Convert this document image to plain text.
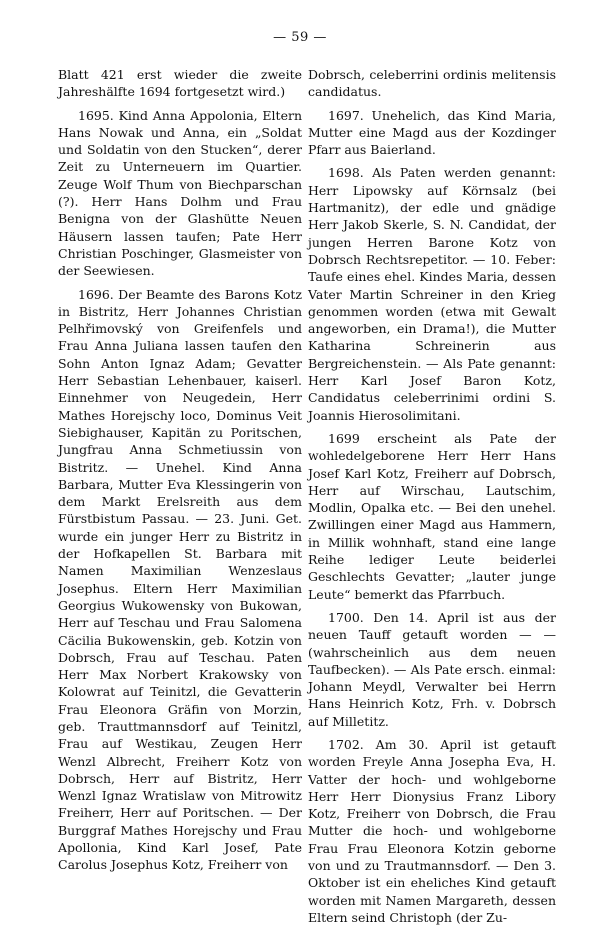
— 59 —

Blatt 421 erst wieder die zweite Jahreshälfte 1694 fortgesetzt wird.)

1695. Kind Anna Appolonia, Eltern Hans Nowak und Anna, ein „Soldat und Soldatin von den Stucken“, derer Zeit zu Unterneuern im Quartier. Zeuge Wolf Thum von Biechparschan (?). Herr Hans Dolhm und Frau Benigna von der Glashütte Neuen Häusern lassen taufen; Pate Herr Christian Poschinger, Glasmeister von der Seewiesen.

1696. Der Beamte des Barons Kotz in Bistritz, Herr Johannes Christian Pelhřimovský von Greifenfels und Frau Anna Juliana lassen taufen den Sohn Anton Ignaz Adam; Gevatter Herr Sebastian Lehenbauer, kaiserl. Einnehmer von Neugedein, Herr Mathes Horejschy loco, Dominus Veit Siebighauser, Kapitän zu Poritschen, Jungfrau Anna Schmetiussin von Bistritz. — Unehel. Kind Anna Barbara, Mutter Eva Klessingerin von dem Markt Erelsreith aus dem Fürstbistum Passau. — 23. Juni. Get. wurde ein junger Herr zu Bistritz in der Hofkapellen St. Barbara mit Namen Maximilian Wenzeslaus Josephus. Eltern Herr Maximilian Georgius Wukowensky von Bukowan, Herr auf Teschau und Frau Salomena Cäcilia Bukowenskin, geb. Kotzin von Dobrsch, Frau auf Teschau. Paten Herr Max Norbert Krakowsky von Kolowrat auf Teinitzl, die Gevatterin Frau Eleonora Gräfin von Morzin, geb. Trauttmannsdorf auf Teinitzl, Frau auf Westikau, Zeugen Herr Wenzl Albrecht, Freiherr Kotz von Dobrsch, Herr auf Bistritz, Herr Wenzl Ignaz Wratislaw von Mitrowitz Freiherr, Herr auf Poritschen. — Der Burggraf Mathes Horejschy und Frau Apollonia, Kind Karl Josef, Pate Carolus Josephus Kotz, Freiherr von

Dobrsch, celeberrini ordinis melitensis candidatus.

1697. Unehelich, das Kind Maria, Mutter eine Magd aus der Kozdinger Pfarr aus Baierland.

1698. Als Paten werden genannt: Herr Lipowsky auf Körnsalz (bei Hartmanitz), der edle und gnädige Herr Jakob Skerle, S. N. Candidat, der jungen Herren Barone Kotz von Dobrsch Rechtsrepetitor. — 10. Feber: Taufe eines ehel. Kindes Maria, dessen Vater Martin Schreiner in den Krieg genommen worden (etwa mit Gewalt angeworben, ein Drama!), die Mutter Katharina Schreinerin aus Bergreichenstein. — Als Pate genannt: Herr Karl Josef Baron Kotz, Candidatus celeberrinimi ordini S. Joannis Hierosolimitani.

1699 erscheint als Pate der wohledelgeborene Herr Herr Hans Josef Karl Kotz, Freiherr auf Dobrsch, Herr auf Wirschau, Lautschim, Modlin, Opalka etc. — Bei den unehel. Zwillingen einer Magd aus Hammern, in Millik wohnhaft, stand eine lange Reihe lediger Leute beiderlei Geschlechts Gevatter; „lauter junge Leute“ bemerkt das Pfarrbuch.

1700. Den 14. April ist aus der neuen Tauff getauft worden — — (wahrscheinlich aus dem neuen Taufbecken). — Als Pate ersch. einmal: Johann Meydl, Verwalter bei Herrn Hans Heinrich Kotz, Frh. v. Dobrsch auf Milletitz.

1702. Am 30. April ist getauft worden Freyle Anna Josepha Eva, H. Vatter der hoch- und wohlgeborne Herr Herr Dionysius Franz Libory Kotz, Freiherr von Dobrsch, die Frau Mutter die hoch- und wohlgeborne Frau Frau Eleonora Kotzin geborne von und zu Trautmannsdorf. — Den 3. Oktober ist ein eheliches Kind getauft worden mit Namen Margareth, dessen Eltern seind Christoph (der Zu-
